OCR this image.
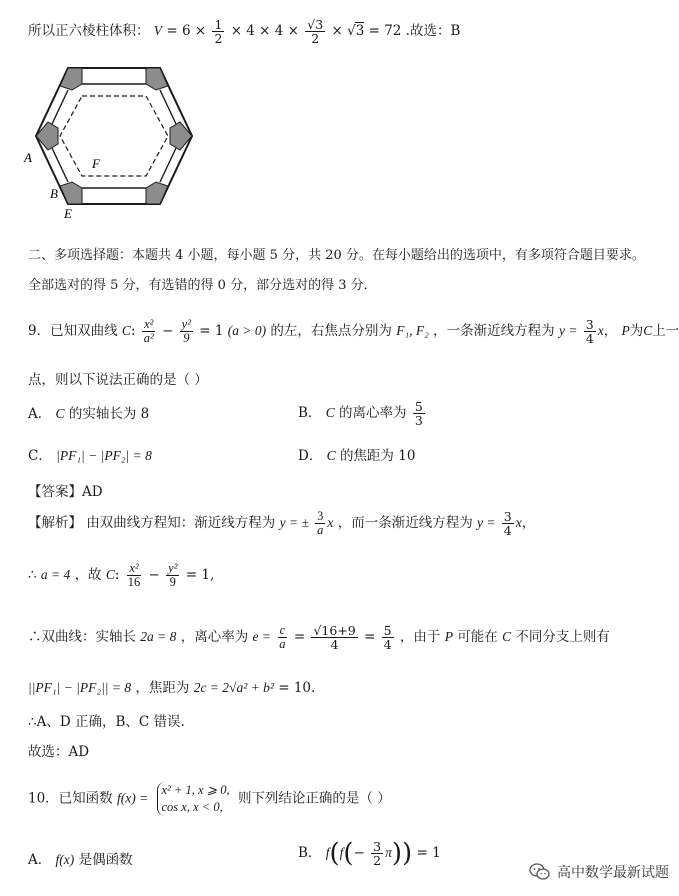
所以正六棱柱体积： $V = 6 \times \frac{1}{2} \times 4 \times 4 \times \frac{√3}{2} \times √3 = 72$ .故选：B
A
B
E
F
二、多项选择题：本题共 4 小题，每小题 5 分，共 20 分。在每小题给出的选项中，有多项符合题目要求。
全部选对的得 5 分，有选错的得 0 分，部分选对的得 3 分．
9．已知双曲线 C: $\frac{\text{x²}}{\text{a²}} - \frac{\text{y²}}{9} = 1$ (a > 0) 的左，右焦点分别为 F₁, F₂ ，一条渐近线方程为 $y = \frac{3}{4}$ x， P为C上一
点，则以下说法正确的是（ ）
A． C 的实轴长为 8	B． C 的离心率为 $\frac{5}{3}$
C． |PF₁| − |PF₂| = 8	D． C 的焦距为 10
【答案】AD
【解析】 由双曲线方程知：渐近线方程为 y = ± $\frac{3}{a}$ x ，而一条渐近线方程为 $y = \frac{3}{4}$ x，
∴ a = 4 ，故 C: $\frac{\text{x²}}{16} - \frac{\text{y²}}{9} = 1$,
∴双曲线：实轴长 2a = 8 ，离心率为 $e = \frac{c}{a} = \frac{√16+9}{4} = \frac{5}{4}$ ，由于 P 可能在 C 不同分支上则有
||PF₁| − |PF₂|| = 8 ，焦距为 2c = 2√a² + b² = 10.
∴A、D 正确，B、C 错误.
故选：AD
10．已知函数 f(x) =
x² + 1, x ⩾ 0,
cos x, x < 0,
则下列结论正确的是（ ）
A． f(x) 是偶函数	B． $f(f(- \frac{3}{2} \pi)) = 1$
高中数学最新试题
